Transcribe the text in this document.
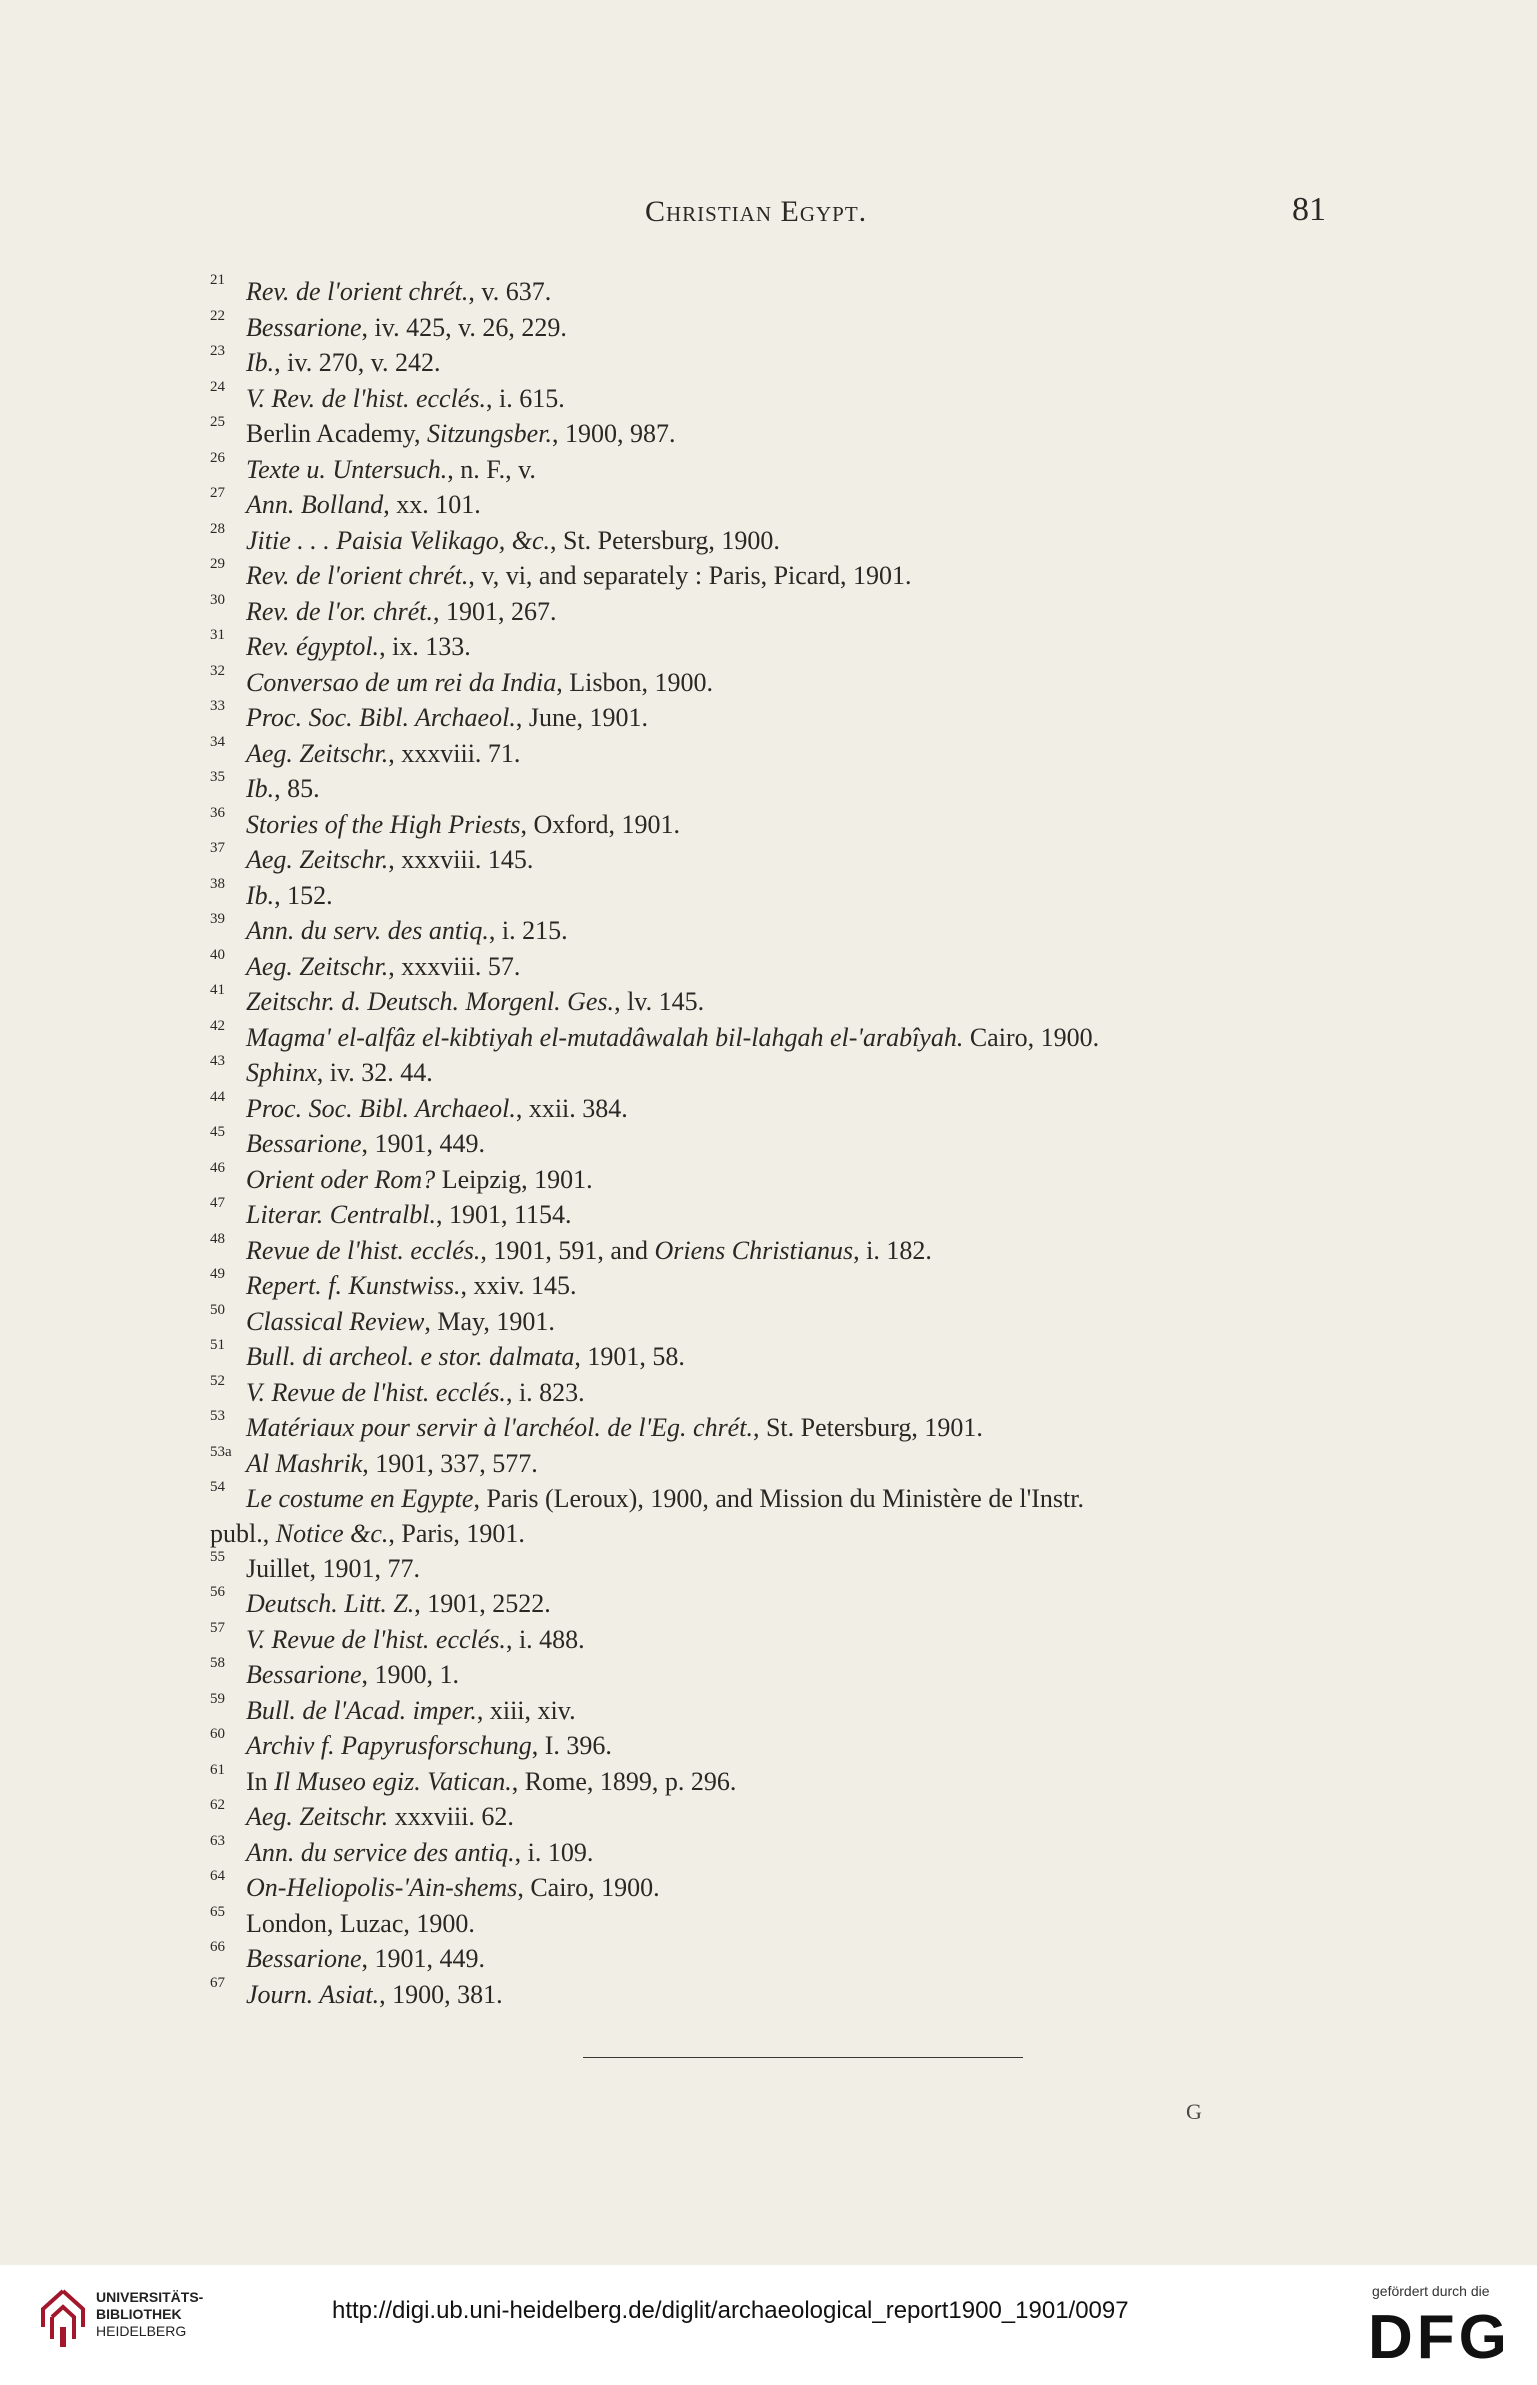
Christian Egypt.	81
21 Rev. de l'orient chrét., v. 637.
22 Bessarione, iv. 425, v. 26, 229.
23 Ib., iv. 270, v. 242.
24 V. Rev. de l'hist. ecclés., i. 615.
25 Berlin Academy, Sitzungsber., 1900, 987.
26 Texte u. Untersuch., n. F., v.
27 Ann. Bolland, xx. 101.
28 Jitie . . . Paisia Velikago, &c., St. Petersburg, 1900.
29 Rev. de l'orient chrét., v, vi, and separately : Paris, Picard, 1901.
30 Rev. de l'or. chrét., 1901, 267.
31 Rev. égyptol., ix. 133.
32 Conversao de um rei da India, Lisbon, 1900.
33 Proc. Soc. Bibl. Archaeol., June, 1901.
34 Aeg. Zeitschr., xxxviii. 71.
35 Ib., 85.
36 Stories of the High Priests, Oxford, 1901.
37 Aeg. Zeitschr., xxxviii. 145.
38 Ib., 152.
39 Ann. du serv. des antiq., i. 215.
40 Aeg. Zeitschr., xxxviii. 57.
41 Zeitschr. d. Deutsch. Morgenl. Ges., lv. 145.
42 Magma' el-alfâz el-kibtiyah el-mutadâwalah bil-lahgah el-'arabîyah. Cairo, 1900.
43 Sphinx, iv. 32. 44.
44 Proc. Soc. Bibl. Archaeol., xxii. 384.
45 Bessarione, 1901, 449.
46 Orient oder Rom? Leipzig, 1901.
47 Literar. Centralbl., 1901, 1154.
48 Revue de l'hist. ecclés., 1901, 591, and Oriens Christianus, i. 182.
49 Repert. f. Kunstwiss., xxiv. 145.
50 Classical Review, May, 1901.
51 Bull. di archeol. e stor. dalmata, 1901, 58.
52 V. Revue de l'hist. ecclés., i. 823.
53 Matériaux pour servir à l'archéol. de l'Eg. chrét., St. Petersburg, 1901.
53a Al Mashrik, 1901, 337, 577.
54 Le costume en Egypte, Paris (Leroux), 1900, and Mission du Ministère de l'Instr.
publ., Notice &c., Paris, 1901.
55 Juillet, 1901, 77.
56 Deutsch. Litt. Z., 1901, 2522.
57 V. Revue de l'hist. ecclés., i. 488.
58 Bessarione, 1900, 1.
59 Bull. de l'Acad. imper., xiii, xiv.
60 Archiv f. Papyrusforschung, I. 396.
61 In Il Museo egiz. Vatican., Rome, 1899, p. 296.
62 Aeg. Zeitschr. xxxviii. 62.
63 Ann. du service des antiq., i. 109.
64 On-Heliopolis-'Ain-shems, Cairo, 1900.
65 London, Luzac, 1900.
66 Bessarione, 1901, 449.
67 Journ. Asiat., 1900, 381.
G
UNIVERSITÄTS-
BIBLIOTHEK
HEIDELBERG
http://digi.ub.uni-heidelberg.de/diglit/archaeological_report1900_1901/0097
gefördert durch die
DFG
